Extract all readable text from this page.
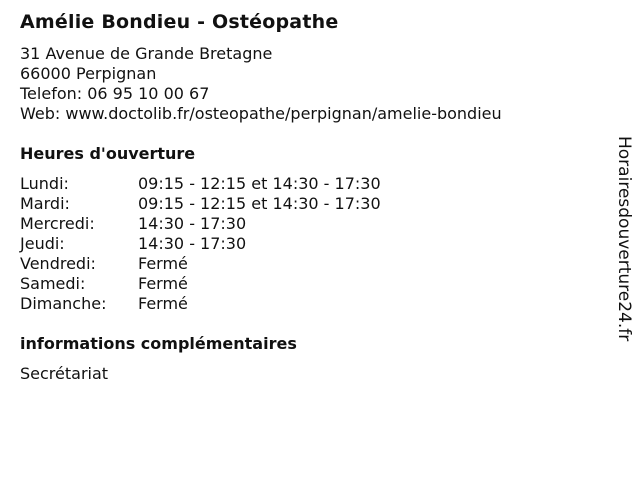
Amélie Bondieu - Ostéopathe
31 Avenue de Grande Bretagne
66000 Perpignan
Telefon: 06 95 10 00 67
Web: www.doctolib.fr/osteopathe/perpignan/amelie-bondieu
Heures d'ouverture
Lundi:	09:15 - 12:15 et 14:30 - 17:30
Mardi:	09:15 - 12:15 et 14:30 - 17:30
Mercredi:	14:30 - 17:30
Jeudi:	14:30 - 17:30
Vendredi:	Fermé
Samedi:	Fermé
Dimanche:	Fermé
informations complémentaires
Secrétariat
Horairesdouverture24.fr
